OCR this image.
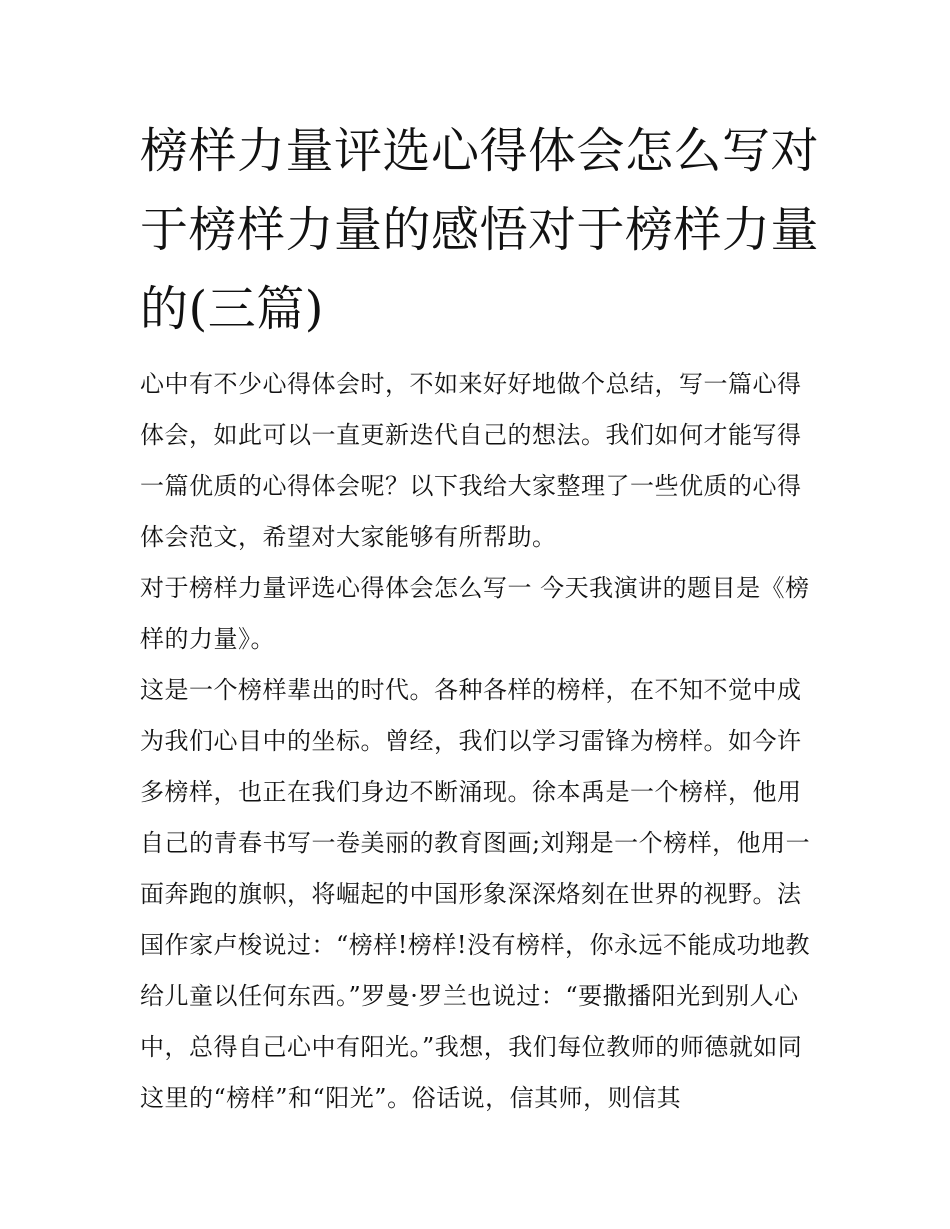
榜样力量评选心得体会怎么写对于榜样力量的感悟对于榜样力量的(三篇)

心中有不少心得体会时，不如来好好地做个总结，写一篇心得体会，如此可以一直更新迭代自己的想法。我们如何才能写得一篇优质的心得体会呢？以下我给大家整理了一些优质的心得体会范文，希望对大家能够有所帮助。

对于榜样力量评选心得体会怎么写一 今天我演讲的题目是《榜样的力量》。

这是一个榜样辈出的时代。各种各样的榜样，在不知不觉中成为我们心目中的坐标。曾经，我们以学习雷锋为榜样。如今许多榜样，也正在我们身边不断涌现。徐本禹是一个榜样，他用自己的青春书写一卷美丽的教育图画;刘翔是一个榜样，他用一面奔跑的旗帜，将崛起的中国形象深深烙刻在世界的视野。法国作家卢梭说过：“榜样!榜样!没有榜样，你永远不能成功地教给儿童以任何东西。”罗曼·罗兰也说过：“要撒播阳光到别人心中，总得自己心中有阳光。”我想，我们每位教师的师德就如同这里的“榜样”和“阳光”。俗话说，信其师，则信其
